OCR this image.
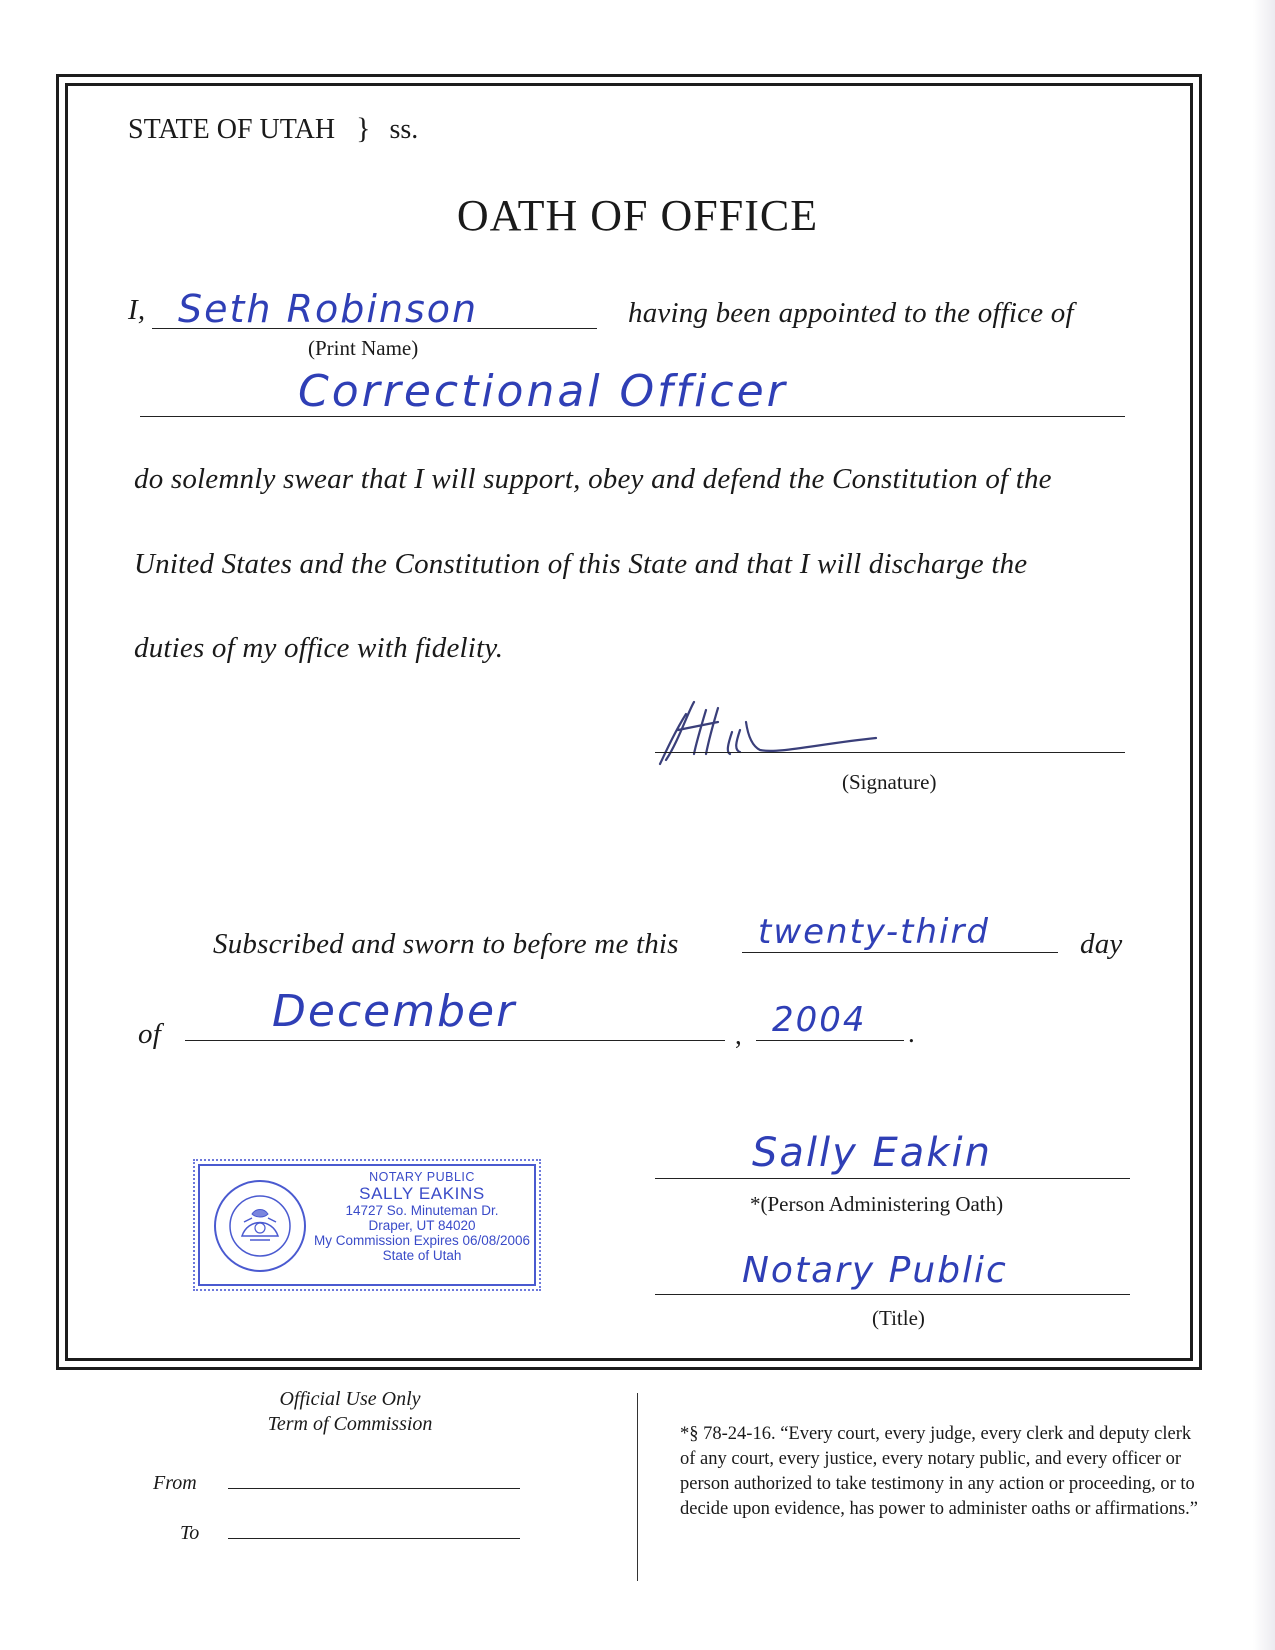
STATE OF UTAH } ss.
OATH OF OFFICE
I, Seth Robinson
(Print Name)
having been appointed to the office of
Correctional Officer
do solemnly swear that I will support, obey and defend the Constitution of the
United States and the Constitution of this State and that I will discharge the
duties of my office with fidelity.
(Signature)
Subscribed and sworn to before me this twenty-third	day
of	December	, 2004 .
Sally Eakin
*(Person Administering Oath)
Notary Public
(Title)
NOTARY PUBLIC
SALLY EAKINS
14727 So. Minuteman Dr.
Draper, UT 84020
My Commission Expires 06/08/2006
State of Utah
Official Use Only
Term of Commission
From
To
*§ 78-24-16. “Every court, every judge, every clerk and deputy clerk of any court, every justice, every notary public, and every officer or person authorized to take testimony in any action or proceeding, or to decide upon evidence, has power to administer oaths or affirmations.”
